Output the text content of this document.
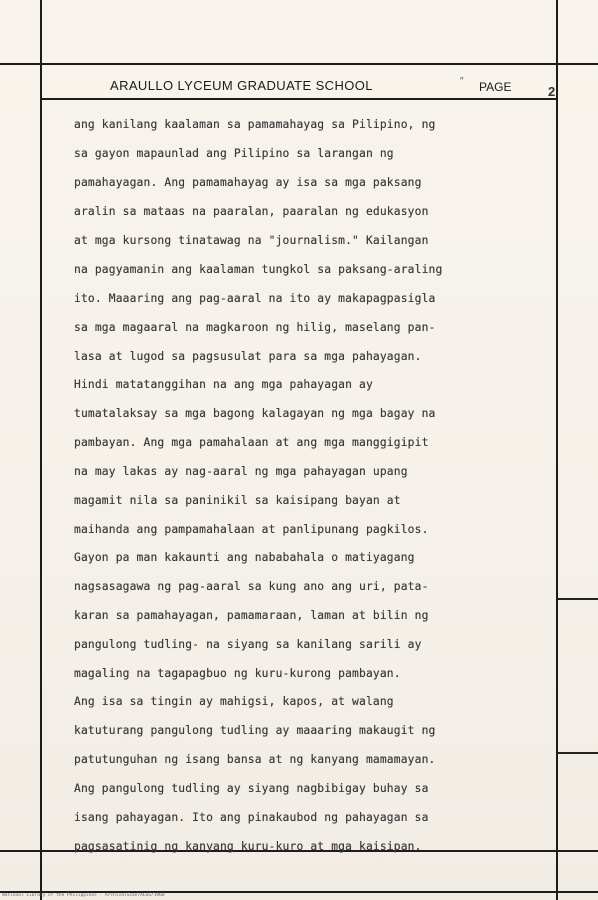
ARAULLO LYCEUM GRADUATE SCHOOL	″ PAGE	2
ang kanilang kaalaman sa pamamahayag sa Pilipino, ng
sa gayon mapaunlad ang Pilipino sa larangan ng
pamahayagan. Ang pamamahayag ay isa sa mga paksang
aralin sa mataas na paaralan, paaralan ng edukasyon
at mga kursong tinatawag na "journalism." Kailangan
na pagyamanin ang kaalaman tungkol sa paksang-araling
ito. Maaaring ang pag-aaral na ito ay makapagpasigla
sa mga magaaral na magkaroon ng hilig, maselang pan-
lasa at lugod sa pagsusulat para sa mga pahayagan.
Hindi matatanggihan na ang mga pahayagan ay
tumatalaksay sa mga bagong kalagayan ng mga bagay na
pambayan. Ang mga pamahalaan at ang mga manggigipit
na may lakas ay nag-aaral ng mga pahayagan upang
magamit nila sa paninikil sa kaisipang bayan at
maihanda ang pampamahalaan at panlipunang pagkilos.
Gayon pa man kakaunti ang nababahala o matiyagang
nagsasagawa ng pag-aaral sa kung ano ang uri, pata-
karan sa pamahayagan, pamamaraan, laman at bilin ng
pangulong tudling- na siyang sa kanilang sarili ay
magaling na tagapagbuo ng kuru-kurong pambayan.
Ang isa sa tingin ay mahigsi, kapos, at walang
katuturang pangulong tudling ay maaaring makaugit ng
patutunguhan ng isang bansa at ng kanyang mamamayan.
Ang pangulong tudling ay siyang nagbibigay buhay sa
isang pahayagan. Ito ang pinakaubod ng pahayagan sa
pagsasatinig ng kanyang kuru-kuro at mga kaisipan.
National Library of the Philippines · ArchivalScan/ALGS/1968
